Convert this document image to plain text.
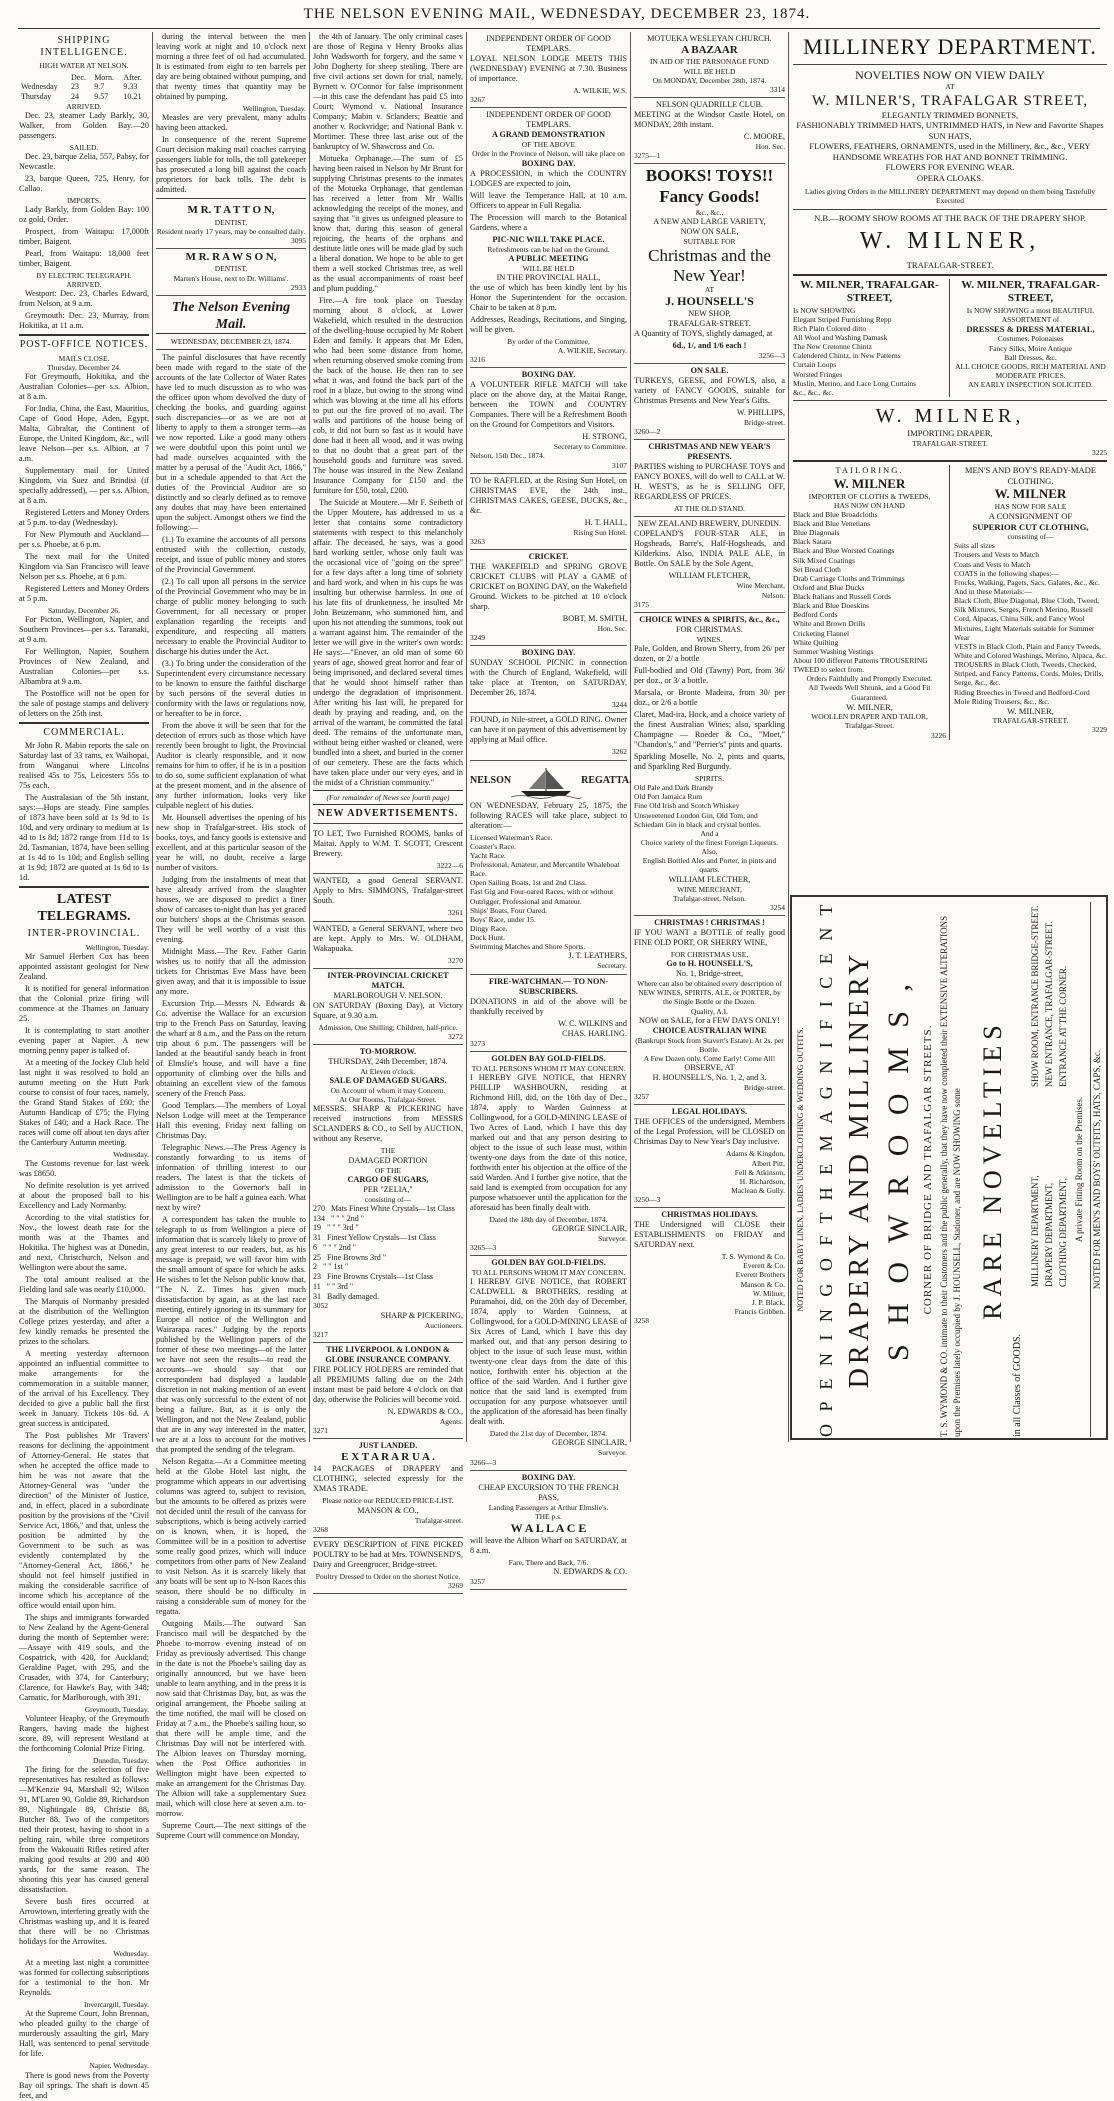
THE NELSON EVENING MAIL, WEDNESDAY, DECEMBER 23, 1874.
SHIPPING INTELLIGENCE.
HIGH WATER AT NELSON.
	Dec.	Morn.	After.
Wednesday	23	9.7	9.33
Thursday	24	9.57	10.21
ARRIVED.

Dec. 23, steamer Lady Barkly, 30, Walker, from Golden Bay.—20 passengers.

SAILED.

Dec. 23, barque Zelia, 557, Pabsy, for Newcastle.

23, barque Queen, 725, Henry, for Callao.

IMPORTS.

Lady Barkly, from Golden Bay: 100 oz gold, Order.

Prospect, from Waitapu: 17,000ft timber, Baigent.

Pearl, from Waitapu: 18,000 feet timber, Baigent.

BY ELECTRIC TELEGRAPH.
ARRIVED.

Westport: Dec. 23, Charles Edward, from Nelson, at 9 a.m.

Greymouth: Dec. 23, Murray, from Hokitika, at 11 a.m.

POST-OFFICE NOTICES.
MAILS CLOSE.
Thursday, December 24.

For Greymouth, Hokitika, and the Australian Colonies—per s.s. Albion, at 8 a.m.

For India, China, the East, Mauritius, Cape of Good Hope, Aden, Egypt, Malta, Gibraltar, the Continent of Europe, the United Kingdom, &c., will leave Nelson—per s.s. Albion, at 7 a.m.

Supplementary mail for United Kingdom, via Suez and Brindisi (if specially addressed), — per s.s. Albion, at 8 a.m.

Registered Letters and Money Orders at 5 p.m. to-day (Wednesday).

For New Plymouth and Auckland—per s.s. Phoebe, at 6 p.m.

The next mail for the United Kingdom via San Francisco will leave Nelson per s.s. Phoebe, at 6 p.m.

Registered Letters and Money Orders at 5 p.m.

Saturday, December 26.

For Picton, Wellington, Napier, and Southern Provinces—per s.s. Taranaki, at 9 a.m.

For Wellington, Napier, Southern Provinces of New Zealand, and Australian Colonies—per s.s. Albambra at 9 a.m.

The Postoffice will not be open for the sale of postage stamps and delivery of letters on the 25th inst.

COMMERCIAL.

Mr John R. Mabin reports the sale on Saturday last of 33 rams, ex Waihopai, from Wanganui where Lincolns realised 45s to 75s, Leicesters 55s to 75s each.

The Australasian of the 5th instant, says:—Hops are steady. Fine samples of 1873 have been sold at 1s 9d to 1s 10d, and very ordinary to medium at 1s 4d to 1s 8d; 1872 range from 11d to 1s 2d. Tasmanian, 1874, have been selling at 1s 4d to 1s 10d; and English selling at 1s 9d; 1872 are quoted at 1s 6d to 1s 1d.

LATEST TELEGRAMS.
INTER-PROVINCIAL.
Wellington, Tuesday.

Mr Samuel Herbert Cox has been appointed assistant geologist for New Zealand.

It is notified for general information that the Colonial prize firing will commence at the Thames on January 25.

It is contemplating to start another evening paper at Napier. A new morning penny paper is talked of.

At a meeting of the Jockey Club held last night it was resolved to hold an autumn meeting on the Hutt Park course to consist of four races, namely, the Grand Stand Stakes of £60; the Autumn Handicap of £75; the Flying Stakes of £40; and a Hack Race. The races will come off about ten days after the Canterbury Autumn meeting.

Wednesday.

The Customs revenue for last week was £8650.

No definite resolution is yet arrived at about the proposed ball to his Excellency and Lady Normanby.

According to the vital statistics for Nov., the lowest death rate for the month was at the Thames and Hokitika. The highest was at Dunedin, and next, Christchurch, Nelson and Wellington were about the same.

The total amount realised at the Fielding land sale was nearly £10,000.

The Marquis of Normanby presided at the distribution of the Wellington College prizes yesterday, and after a few kindly remarks he presented the prizes to the scholars.

A meeting yesterday afternoon appointed an influential committee to make arrangements for the commemoration in a suitable manner, of the arrival of his Excellency. They decided to give a public ball the first week in January. Tickets 10s 6d. A great success is anticipated.

The Post publishes Mr Travers' reasons for declining the appointment of Attorney-General. He states that when he accepted the office made to him he was not aware that the Attorney-General was "under the direction" of the Minister of Justice, and, in effect, placed in a subordinate position by the provisions of the "Civil Service Act, 1866," and that, unless the position be admitted by the Government to be such as was evidently contemplated by the "Attorney-General Act, 1866," he should not feel himself justified in making the considerable sacrifice of income which his acceptance of the office would entail upon him.

The ships and immigrants forwarded to New Zealand by the Agent-General during the month of September were:—Assaye with 419 souls, and the Cospatrick, with 420, for Auckland; Geraldine Paget, with 295, and the Crusader, with 374, for Canterbury; Clarence, for Hawke's Bay, with 348; Carnatic, for Marlborough, with 391.

Greymouth, Tuesday.

Volunteer Heaphy, of the Greymouth Rangers, having made the highest score, 89, will represent Westland at the forthcoming Colonial Prize Firing.

Dunedin, Tuesday.

The firing for the selection of five representatives has resulted as follows:—M'Kenzie 94, Marshall 92, Wilson 91, M'Laren 90, Goldie 89, Richardson 89, Nightingale 89, Christie 88, Butcher 88. Two of the competitors tied their protest, having to shoot in a pelting rain, while three competitors from the Wakouaiti Rifles retired after making good results at 200 and 400 yards, for the same reason. The shooting this year has caused general dissatisfaction.

Severe bush fires occurred at Arrowtown, interfering greatly with the Christmas washing up, and it is feared that there will be no Christmas holidays for the Arrowites.

Wednesday.

At a meeting last night a committee was formed for collecting subscriptions for a testimonial to the hon. Mr Reynolds.

Invercargill, Tuesday.

At the Supreme Court, John Brennan, who pleaded guilty to the charge of murderously assaulting the girl, Mary Hall, was sentenced to penal servitude for life.

Napier, Wednesday.

There is good news from the Poverty Bay oil springs. The shaft is down 45 feet, and

during the interval between the men leaving work at night and 10 o'clock next morning a three feet of oil had accumulated. It is estimated from eight to ten barrels per day are being obtained without pumping, and that twenty times that quantity may be obtained by pumping.

Wellington, Tuesday.

Measles are very prevalent, many adults having been attacked.

In consequence of the recent Supreme Court decision making mail coaches carrying passengers liable for tolls, the toll gatekeeper has prosecuted a long bill against the coach proprietors for back tolls. The debt is admitted.

M R. T A T T O N,
DENTIST,
Resident nearly 17 years, may be consulted daily.
3095
M R. R A W S O N,
DENTIST,
Marten's House, next to Dr. Williams'.
2933
The Nelson Evening Mail.
WEDNESDAY, DECEMBER 23, 1874.

The painful disclosures that have recently been made with regard to the state of the accounts of the late Collector of Water Rates have led to much discussion as to who was the officer upon whom devolved the duty of checking the books, and guarding against such discrepancies—or as we are not at liberty to apply to them a stronger term—as we now reported. Like a good many others we were doubtful upon this point until we had made ourselves acquainted with the matter by a perusal of the "Audit Act, 1866," but in a schedule appended to that Act the duties of the Provincial Auditor are so distinctly and so clearly defined as to remove any doubts that may have been entertained upon the subject. Amongst others we find the following:—

(1.) To examine the accounts of all persons entrusted with the collection, custody, receipt, and issue of public money and stores of the Provincial Government.

(2.) To call upon all persons in the service of the Provincial Government who may be in charge of public money belonging to such Government, for all necessary or proper explanation regarding the receipts and expenditure, and respecting all matters necessary to enable the Provincial Auditor to discharge his duties under the Act.

(3.) To bring under the consideration of the Superintendent every circumstance necessary to be known to ensure the faithful discharge by such persons of the several duties in conformity with the laws or regulations now, or hereafter to be in force.

From the above it will be seen that for the detection of errors such as those which have recently been brought to light, the Provincial Auditor is clearly responsible, and it now remains for him to offer, if he is in a position to do so, some sufficient explanation of what at the present moment, and in the absence of any further information, looks very like culpable neglect of his duties.

Mr. Hounsell advertises the opening of his new shop in Trafalgar-street. His stock of books, toys, and fancy goods is extensive and excellent, and at this particular season of the year he will, no doubt, receive a large number of visitors.

Judging from the instalments of meat that have already arrived from the slaughter houses, we are disposed to predict a finer show of carcases to-night than has yet graced our butchers' shops at the Christmas season. They will be well worthy of a visit this evening.

Midnight Mass.—The Rev. Father Garin wishes us to notify that all the admission tickets for Christmas Eve Mass have been given away, and that it is impossible to issue any more.

Excursion Trip.—Messrs N. Edwards & Co. advertise the Wallace for an excursion trip to the French Pass on Saturday, leaving the wharf at 8 a.m., and the Pass on the return trip about 6 p.m. The passengers will be landed at the beautiful sandy beach in front of Elmslie's house, and will have a fine opportunity of climbing over the hills and obtaining an excellent view of the famous scenery of the French Pass.

Good Templars.—The members of Loyal Nelson Lodge will meet at the Temperance Hall this evening, Friday next falling on Christmas Day.

Telegraphic News.—The Press Agency is constantly forwarding to us items of information of thrilling interest to our readers. The latest is that the tickets of admission to the Governor's ball in Wellington are to be half a guinea each. What next by wire?

A correspondent has taken the trouble to telegraph to us from Wellington a piece of information that is scarcely likely to prove of any great interest to our readers, but, as his message is prepaid, we will favor him with the small amount of space for which he asks. He wishes to let the Nelson public know that, "The N. Z. Times has given much dissatisfaction by again, as at the last race meeting, entirely ignoring in its summary for Europe all notice of the Wellington and Wairarapa races." Judging by the reports published by the Wellington papers of the former of these two meetings—of the latter we have not seen the results—to read the accounts—we should say that our correspondent had displayed a laudable discretion in not making mention of an event that was only successful to the extent of not being a failure. But, as it is only the Wellington, and not the New Zealand, public that are in any way interested in the matter, we are at a loss to account for the motives that prompted the sending of the telegram.

Nelson Regatta.—At a Committee meeting held at the Globe Hotel last night, the programme which appears in our advertising columns was agreed to, subject to revision, but the amounts to be offered as prizes were not decided until the result of the canvass for subscriptions, which is being actively carried on is known, when, it is hoped, the Committee will be in a position to advertise some really good prizes, which will induce competitors from other parts of New Zealand to visit Nelson. As it is scarcely likely that any boats will be sent up to N-lson Races this season, there should be no difficulty in raising a considerable sum of money for the regatta.

Outgoing Mails.—The outward San Francisco mail will be despatched by the Phoebe to-morrow evening instead of on Friday as previously advertised. This change in the date is not the Phoebe's sailing day as originally announced, but we have been unable to learn anything, and in the press it is now said that Christmas Day, but, as was the original arrangement, the Phoebe sailing at the time notified, the mail will be closed on Friday at 7 a.m., the Phoebe's sailing hour, so that there will be ample time, and the Christmas Day will not be interfered with. The Albion leaves on Thursday morning, when the Post Office authorities in Wellington might have been expected to make an arrangement for the Christmas Day. The Albion will take a supplementary Suez mail, which will close here at seven a.m. to-morrow.

Supreme Court.—The next sittings of the Supreme Court will commence on Monday,

the 4th of January. The only criminal cases are those of Regina v Henry Brooks alias John Wadsworth for forgery, and the same v John Dogherty for sheep stealing. There are five civil actions set down for trial, namely, Byrnett v. O'Connor for false imprisonment—in this case the defendant has paid £5 into Court; Wymond v. National Insurance Company; Mabin v. Sclanders; Beattie and another v. Rockvridge; and National Bank v. Mortimer. These three last arise out of the bankruptcy of W. Shawcross and Co.

Motueka Orphanage.—The sum of £5 having been raised in Nelson by Mr Brunt for supplying Christmas presents to the inmates of the Motueka Orphanage, that gentleman has received a letter from Mr Wallis acknowledging the receipt of the money, and saying that "it gives us unfeigned pleasure to know that, during this season of general rejoicing, the hearts of the orphans and destitute little ones will be made glad by such a liberal donation. We hope to be able to get them a well stocked Christmas tree, as well as the usual accompaniments of roast beef and plum pudding."

Fire.—A fire took place on Tuesday morning about 8 o'clock, at Lower Wakefield, which resulted in the destruction of the dwelling-house occupied by Mr Robert Eden and family. It appears that Mr Eden, who had been some distance from home, when returning observed smoke coming from the back of the house. He then ran to see what it was, and found the back part of the roof in a blaze, but owing to the strong wind which was blowing at the time all his efforts to put out the fire proved of no avail. The walls and partitions of the house being of cob, it did not burn so fast as it would have done had it been all wood, and it was owing to that no doubt that a great part of the household goods and furniture was saved. The house was insured in the New Zealand Insurance Company for £150 and the furniture for £50, total, £200.

The Suicide at Moutere.—Mr F. Seibeth of the Upper Moutere, has addressed to us a letter that contains some contradictory statements with respect to this melancholy affair. The deceased, he says, was a good hard working settler, whose only fault was the occasional vice of "going on the spree" for a few days after a long time of sobriety and hard work, and when in his cups he was insulting but otherwise harmless. In one of his late fits of drunkenness, he insulted Mr John Beuzemann, who summoned him, and upon his not attending the summons, took out a warrant against him. The remainder of the letter we will give in the writer's own words: He says:—"Enever, an old man of some 60 years of age, showed great horror and fear of being imprisoned, and declared several times that he would shoot himself rather than undergo the degradation of imprisonment. After writing his last will, he prepared for death by praying and reading, and, on the arrival of the warrant, he committed the fatal deed. The remains of the unfortunate man, without being either washed or cleaned, were bundled into a sheet, and buried in the corner of our cemetery. These are the facts which have taken place under our very eyes, and in the midst of a Christian community."

(For remainder of News see fourth page)
NEW ADVERTISEMENTS.

TO LET, Two Furnished ROOMS, banks of Maitai. Apply to W.M. T. SCOTT, Crescent Brewery.

3222—6

WANTED, a good General SERVANT. Apply to Mrs. SIMMONS, Trafalgar-street South.

3261

WANTED, a General SERVANT, where two are kept. Apply to Mrs. W. OLDHAM, Wakapuaka.

3270
INTER-PROVINCIAL CRICKET MATCH.
MARLBOROUGH V. NELSON.

ON SATURDAY (Boxing Day), at Victory Square, at 9.30 a.m.

Admission, One Shilling; Children, half-price.
3272
TO-MORROW.
THURSDAY, 24th December, 1874.
At Eleven o'clock.
SALE OF DAMAGED SUGARS.
On Account of whom it may Concern.
At Our Rooms, Trafalgar-Street.

MESSRS. SHARP & PICKERING have received instructions from MESSRS SCLANDERS & CO., to Sell by AUCTION, without any Reserve,

THE
DAMAGED PORTION
OF THE
CARGO OF SUGARS,
PER "ZELIA,"
consisting of—
270 Mats Finest White Crystals—1st Class
134 " " " 2nd "
19 " " " 3rd "
31 Finest Yellow Crystals—1st Class
6 " " " 2nd "
25 Fine Browns 3rd "
2 " " 1st "
23 Fine Browns Crystals—1st Class
11 " " 3rd "
31 Badly damaged.
3052
SHARP & PICKERING,
Auctioneers.
3217
THE LIVERPOOL & LONDON & GLOBE INSURANCE COMPANY.

FIRE POLICY HOLDERS are reminded that all PREMIUMS falling due on the 24th instant must be paid before 4 o'clock on that day, otherwise the Policies will become void.

N. EDWARDS & CO.,
Agents.
3271
JUST LANDED.
E X T A R A R U A .

14 PACKAGES of DRAPERY and CLOTHING, selected expressly for the XMAS TRADE.

Please notice our REDUCED PRICE-LIST.
MANSON & CO.,
Trafalgar-street.
3268

EVERY DESCRIPTION of FINE PICKED POULTRY to be had at Mrs. TOWNSEND'S, Dairy and Greengrocer, Bridge-street.

Poultry Dressed to Order on the shortest Notice.
3269
INDEPENDENT ORDER OF GOOD TEMPLARS.

LOYAL NELSON LODGE MEETS THIS (WEDNESDAY) EVENING at 7.30. Business of importance.

A. WILKIE, W.S.
3267
INDEPENDENT ORDER OF GOOD TEMPLARS.
A GRAND DEMONSTRATION
OF THE ABOVE
Order in the Province of Nelson, will take place on
BOXING DAY.

A PROCESSION, in which the COUNTRY LODGES are expected to join,

Will leave the Temperance Hall, at 10 a.m. Officers to appear in Full Regalia.

The Procession will march to the Botanical Gardens, where a

PIC-NIC WILL TAKE PLACE.
Refreshments can be had on the Ground.
A PUBLIC MEETING
WILL BE HELD
IN THE PROVINCIAL HALL,

the use of which has been kindly lent by his Honor the Superintendent for the occasion. Chair to be taken at 8 p.m.

Addresses, Readings, Recitations, and Singing, will be given.

By order of the Committee,
A. WILKIE, Secretary.
3216
BOXING DAY.

A VOLUNTEER RIFLE MATCH will take place on the above day, at the Maitai Range, between the TOWN and COUNTRY Companies. There will be a Refreshment Booth on the Ground for Competitors and Visitors.

H. STRONG,
Secretary to Committee.
Nelson, 15th Dec., 1874.
3107

TO be RAFFLED, at the Rising Sun Hotel, on CHRISTMAS EVE, the 24th inst., CHRISTMAS CAKES, GEESE, DUCKS, &c., &c.

H. T. HALL,
Rising Sun Hotel.
3263
CRICKET.

THE WAKEFIELD and SPRING GROVE CRICKET CLUBS will PLAY a GAME of CRICKET on BOXING DAY, on the Wakefield Ground. Wickets to be pitched at 10 o'clock sharp.

BOBT, M. SMITH,
Hon. Sec.
3249
BOXING DAY.

SUNDAY SCHOOL PICNIC in connection with the Church of England, Wakefield, will take place at Trenton, on SATURDAY, December 26, 1874.

3244

FOUND, in Nile-street, a GOLD RING. Owner can have it on payment of this advertisement by applying at Mail office.

3262
NELSON	REGATTA.

ON WEDNESDAY, February 25, 1875, the following RACES will take place, subject to alteration:—

Licensed Waterman's Race.
Coaster's Race.
Yacht Race.
Professional, Amateur, and Mercantile Whaleboat Race.
Open Sailing Boats, 1st and 2nd Class.
Fast Gig and Four-oared Races, with or without Outrigger, Professional and Amateur.
Ships' Boats, Four Oared.
Boys' Race, under 15.
Dingy Race.
Duck Hunt.
Swimming Matches and Shore Sports.
J. T. LEATHERS,
Secretary.
FIRE-WATCHMAN.— TO NON-SUBSCRIBERS.

DONATIONS in aid of the above will be thankfully received by

W. C. WILKINS and
CHAS. HARLING.
3273
GOLDEN BAY GOLD-FIELDS.
TO ALL PERSONS WHOM IT MAY CONCERN.

I HEREBY GIVE NOTICE, that HENRY PHILLIP WASHBOURN, residing at Richmond Hill, did, on the 16th day of Dec., 1874, apply to Warden Guinness at Collingwood, for a GOLD-MINING LEASE of Two Acres of Land, which I have this day marked out and that any person desiring to object to the issue of such lease must, within twenty-one days from the date of this notice, forthwith enter his objection at the office of the said Warden. And I further give notice, that the said land is exempted from occupation for any purpose whatsoever until the application for the aforesaid has been finally dealt with.

Dated the 18th day of December, 1874.
GEORGE SINCLAIR,
Surveyor.
3265—3
GOLDEN BAY GOLD-FIELDS.
TO ALL PERSONS WHOM IT MAY CONCERN.

I HEREBY GIVE NOTICE, that ROBERT CALDWELL & BROTHERS, residing at Puramahoi, did, on the 20th day of December, 1874, apply to Warden Guinness, at Collingwood, for a GOLD-MINING LEASE of Six Acres of Land, which I have this day marked out, and that any person desiring to object to the issue of such lease must, within twenty-one clear days from the date of this notice, forthwith enter his objection at the office of the said Warden. And I further give notice that the said land is exempted from occupation for any purpose whatsoever until the application of the aforesaid has been finally dealt with.

Dated the 21st day of December, 1874.
GEORGE SINCLAIR,
Surveyor.
3266—3
BOXING DAY.
CHEAP EXCURSION TO THE FRENCH PASS,
Landing Passengers at Arthur Elmslie's.
THE p.s.
W A L L A C E

will leave the Albion Wharf on SATURDAY, at 8 a.m.

Fare, There and Back, 7/6.
N. EDWARDS & CO.
3257
MOTUEKA WESLEYAN CHURCH.
A BAZAAR
IN AID OF THE PARSONAGE FUND
WILL BE HELD
On MONDAY, December 28th, 1874.
3314
NELSON QUADRILLE CLUB.

MEETING at the Windsor Castle Hotel, on MONDAY, 28th instant.

C. MOORE,
Hon. Sec.
3275—1
BOOKS! TOYS!!
Fancy Goods!
&c., &c.,
A NEW AND LARGE VARIETY,
NOW ON SALE,
SUITABLE FOR
Christmas and the New Year!
AT
J. HOUNSELL'S
NEW SHOP,
TRAFALGAR-STREET.

A Quantity of TOYS, slightly damaged, at

6d., 1/, and 1/6 each !
3256—3
ON SALE.

TURKEYS, GEESE, and FOWLS, also, a variety of FANCY GOODS, suitable for Christmas Presents and New Year's Gifts.

W. PHILLIPS,
Bridge-street.
3260—2
CHRISTMAS AND NEW YEAR'S PRESENTS.

PARTIES wishing to PURCHASE TOYS and FANCY BOXES, will do well to CALL at W. H. WEST'S, as he is SELLING OFF, REGARDLESS OF PRICES.

AT THE OLD STAND.
NEW ZEALAND BREWERY, DUNEDIN.

COPELAND'S FOUR-STAR ALE, in Hogsheads, Barre's, Half-Hogsheads, and Kilderkins. Also, INDIA PALE ALE, in Bottle. On SALE by the Sole Agent,

WILLIAM FLETCHER,
Wine Merchant,
Nelson.
3175
CHOICE WINES & SPIRITS, &c., &c.,
FOR CHRISTMAS.
WINES.

Pale, Golden, and Brown Sherry, from 26/ per dozen, or 2/ a bottle

Full-bodied and Old (Tawny) Port, from 36/ per doz., or 3/ a bottle.

Marsala, or Bronte Madeira, from 30/ per doz., or 2/6 a bottle

Claret, Mad-ira, Hock, and a choice variety of the finest Australian Wines; also, sparkling Champagne — Roeder & Co., "Moet," "Chandon's," and "Perrier's" pints and quarts.

Sparkling Moselle, No. 2, pints and quarts, and Sparkling Red Burgundy.

SPIRITS.
Old Pale and Dark Brandy
Old Port Jamaica Rum
Fine Old Irish and Scotch Whiskey
Unsweetened London Gin, Old Tom, and Schiedam Gin in black and crystal bottles.
And a
Choice variety of the finest Foreign Liqueurs.
Also,
English Bottled Ales and Porter, in pints and quarts.
WILLIAM FLECTHER,
WINE MERCHANT,
Trafalgar-street, Nelson.
3254
CHRISTMAS ! CHRISTMAS !

IF YOU WANT a BOTTLE of really good FINE OLD PORT, OR SHERRY WINE,

FOR CHRISTMAS USE,
Go to H. HOUNSELL'S,
No. 1, Bridge-street,
Where can also be obtained every description of
NEW WINES, SPIRITS, ALE, or PORTER, by the Single Bottle or the Dozen.
Quality, A.I.
NOW on SALE, for a FEW DAYS ONLY!
CHOICE AUSTRALIAN WINE
(Bankrupt Stock from Stavert's Estate). At 2s. per Bottle.
A Few Dozen only. Come Early! Come All!
OBSERVE, AT
H. HOUNSELL'S, No. 1, 2, and 3.
Bridge-street.
3257
LEGAL HOLIDAYS.

THE OFFICES of the undersigned, Members of the Legal Profession, will be CLOSED on Christmas Day to New Year's Day inclusive.

Adams & Kingdon,
Albert Pitt,
Fell & Atkinson,
H. Richardson,
Maclean & Gully.
3250—3
CHRISTMAS HOLIDAYS.

THE Undersigned will CLOSE their ESTABLISHMENTS on FRIDAY and SATURDAY next.

T. S. Wymond & Co.
Everett & Co.
Everett Brothers
Manson & Co.
W. Milner,
J. P. Black,
Francis Gribben.
3258
MILLINERY DEPARTMENT.
NOVELTIES NOW ON VIEW DAILY
AT
W. MILNER'S, TRAFALGAR STREET,
ELEGANTLY TRIMMED BONNETS,
FASHIONABLY TRIMMED HATS, UNTRIMMED HATS, in New and Favorite Shapes SUN HATS,
FLOWERS, FEATHERS, ORNAMENTS, used in the Millinery, &c., &c., VERY HANDSOME WREATHS FOR HAT AND BONNET TRIMMING.
FLOWERS FOR EVENING WEAR.
OPERA CLOAKS.
Ladies giving Orders in the MILLINERY DEPARTMENT may depend on them being Tastefully Executed
N.B.—ROOMY SHOW ROOMS AT THE BACK OF THE DRAPERY SHOP.
W. MILNER,
TRAFALGAR-STREET.
W. MILNER, TRAFALGAR-STREET,
Is NOW SHOWING
Elegant Striped Furnishing Repp
Rich Plain Colored ditto
All Wool and Washing Damask
The New Cretonne Chintz
Calendered Chintz, in New Patterns
Curtain Loops
Worsted Fringes
Muslin, Merino, and Lace Long Curtains
&c., &c., &c.
W. MILNER, TRAFALGAR-STREET,
Is NOW SHOWING a most BEAUTIFUL ASSORTMENT of
DRESSES & DRESS MATERIAL,
Costumes, Polonaises
Fancy Silks, Moire Antique
Ball Dresses, &c.
ALL CHOICE GOODS, RICH MATERIAL AND MODERATE PRICES.
AN EARLY INSPECTION SOLICITED.
W. MILNER,
IMPORTING DRAPER,
TRAFALGAR-STREET.
3225
TAILORING.
W. MILNER
IMPORTER OF CLOTHS & TWEEDS,
HAS NOW ON HAND
Black and Blue Broadcloths
Black and Blue Venetians
Blue Diagonals
Black Satara
Black and Blue Worsted Coatings
Silk Mixed Coatings
Set Bread Cloth
Drab Carriage Cloths and Trimmings
Oxford and Blue Ducks
Black Italians and Russell Cords
Black and Blue Doeskins
Bedford Cords
White and Brown Drills
Cricketing Flannel
White Quilting
Summer Washing Vestings
About 100 different Patterns TROUSERING TWEED to select from.
Orders Faithfully and Promptly Executed.
All Tweeds Well Shrunk, and a Good Fit Guaranteed.
W. MILNER,
WOOLLEN DRAPER AND TAILOR,
Trafalgar-Street.
3226
MEN'S AND BOY'S READY-MADE CLOTHING.
W. MILNER
HAS NOW FOR SALE
A CONSIGNMENT OF
SUPERIOR CUT CLOTHING,
consisting of—
Suits all sizes
Trousers and Vests to Match
Coats and Vests to Match
COATS in the following shapes:—
Frocks, Walking, Pagets, Sacs, Galates, &c., &c.
And in these Materials:—
Black Cloth, Blue Diagonal, Blue Cloth, Tweed, Silk Mixtures, Serges, French Merino, Russell Cord, Alpacas, China Silk, and Fancy Wool Mixtures, Light Materials suitable for Summer Wear
VESTS in Black Cloth, Plain and Fancy Tweeds, White and Colored Washings, Merino, Alpaca, &c.
TROUSERS in Black Cloth, Tweeds, Checked, Striped, and Fancy Patterns, Cords, Moles, Drills, Serge, &c., &c.
Riding Breeches in Tweed and Bedford-Cord
Mole Riding Trousers, &c., &c.
W. MILNER,
TRAFALGAR-STREET.
3229
NOTED FOR BABY LINEN, LADIES' UNDERCLOTHING & WEDDING OUTFITS. O P E N I N G O F T H E M A G N I F I C E N T DRAPERY AND MILLINERY S H O W R O O M S , CORNER OF BRIDGE AND TRAFALGAR STREETS. T. S. WYMOND & CO. intimate to their Customers and the public generally, that they have now completed their EXTENSIVE ALTERATIONS upon the Premises lately occupied by J. HOUNSELL, Stationer, and are NOW SHOWING some RARE NOVELTIES
in all Classes of GOODS.
MILLINERY DEPARTMENT,
SHOW ROOM, ENTRANCE BRIDGE-STREET.
DRAPERY DEPARTMENT,
NEW ENTRANCE, TRAFALGAR-STREET.
CLOTHING DEPARTMENT,
ENTRANCE AT THE CORNER.
A private Fitting Room on the Premises. NOTED FOR MEN'S AND BOYS' OUTFITS, HATS, CAPS, &c.
